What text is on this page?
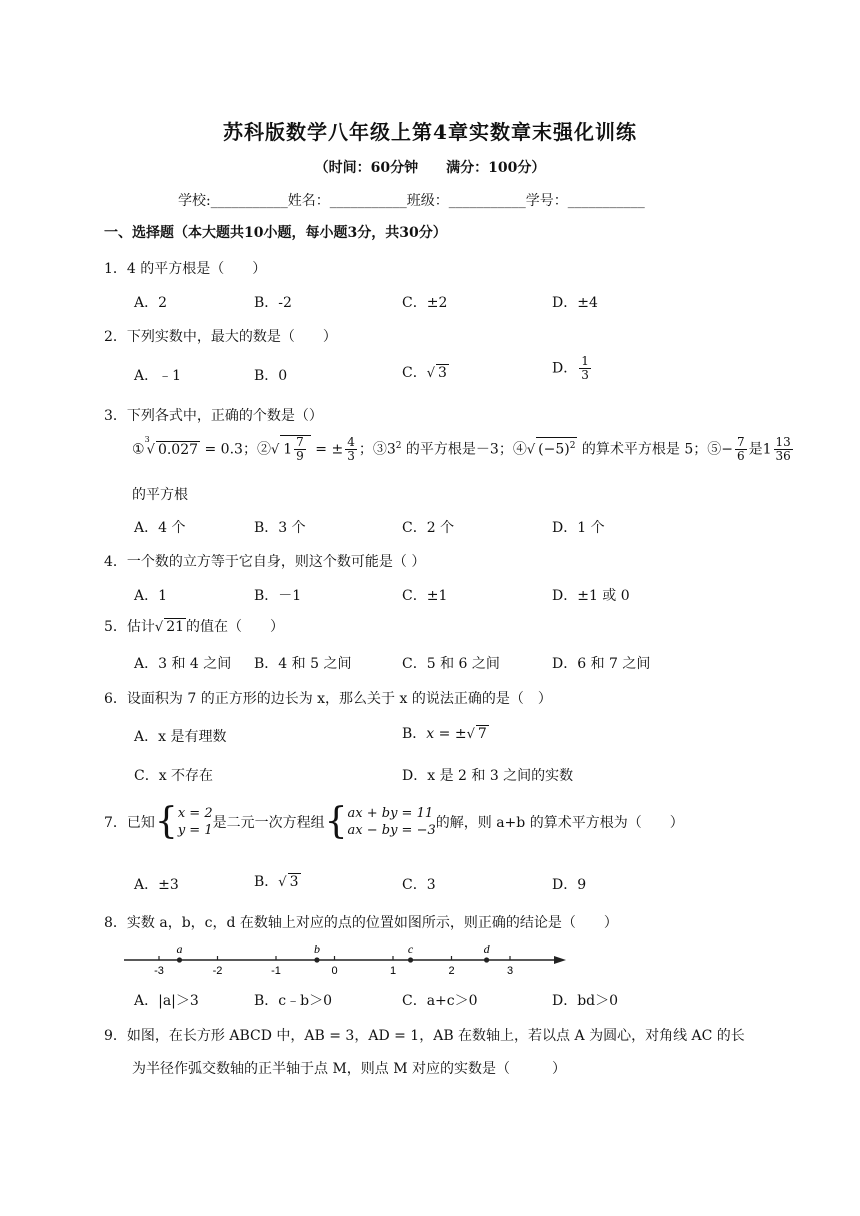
苏科版数学八年级上第4章实数章末强化训练
（时间：60分钟　　满分：100分）
学校:___________姓名：___________班级：___________学号：___________
一、选择题（本大题共10小题，每小题3分，共30分）
1．4 的平方根是（　　）
A．2	B．-2	C．±2	D．±4
2．下列实数中，最大的数是（　　）
A．﹣1	B．0	C．√ 3	D． $\frac{1}{3}$
3．下列各式中，正确的个数是（）
①$^3$√ 0.027 = 0.3；②√ $1 \frac{7}{9}$ = ± $\frac{4}{3}$ ；$③3^2$ 的平方根是－3；④√ $(-5)^2$ 的算术平方根是 5；⑤− $\frac{7}{6}$ 是$1 \frac{13}{36}$
的平方根
A．4 个	B．3 个	C．2 个	D．1 个
4．一个数的立方等于它自身，则这个数可能是（ ）
A．1	B．－1	C．±1	D．±1 或 0
5．估计√ 21 的值在（　　）
A．3 和 4 之间 B．4 和 5 之间	C．5 和 6 之间	D．6 和 7 之间
6．设面积为 7 的正方形的边长为 x，那么关于 x 的说法正确的是（　）
A．x 是有理数	B．x = ±√ 7
C．x 不存在	D．x 是 2 和 3 之间的实数
7．已知 { x = 2
y = 1 是二元一次方程组 { ax + by = 11
ax − by = −3 的解，则 a+b 的算术平方根为（　　）
A．±3	B．√ 3	C．3	D．9
8．实数 a，b，c，d 在数轴上对应的点的位置如图所示，则正确的结论是（　　）
-3	-2	-1	0	1	2	3
a	b	c	d
A．|a|＞3	B．c﹣b＞0	C．a+c＞0	D．bd＞0
9．如图，在长方形 ABCD 中，AB = 3，AD = 1，AB 在数轴上，若以点 A 为圆心，对角线 AC 的长
为半径作弧交数轴的正半轴于点 M，则点 M 对应的实数是（　　　）
